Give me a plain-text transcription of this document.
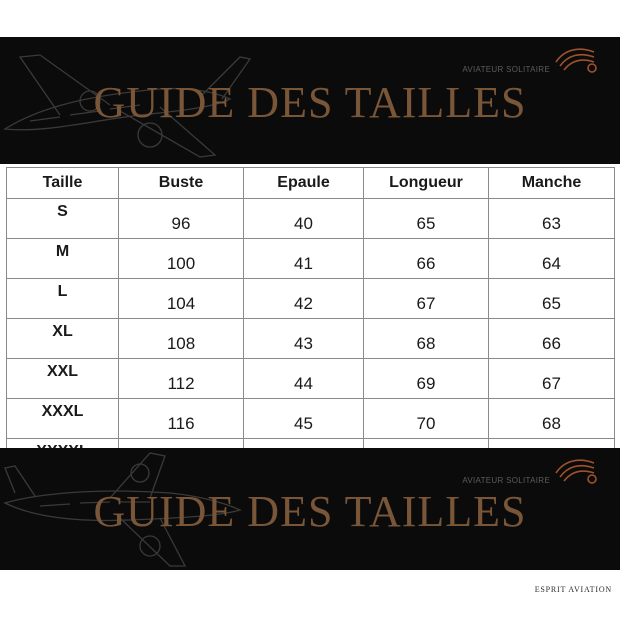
GUIDE DES TAILLES
AVIATEUR SOLITAIRE
Taille	Buste	Epaule	Longueur	Manche
S	96	40	65	63
M	100	41	66	64
L	104	42	67	65
XL	108	43	68	66
XXL	112	44	69	67
XXXL	116	45	70	68

GUIDE DES TAILLES
AVIATEUR SOLITAIRE
ESPRIT AVIATION
